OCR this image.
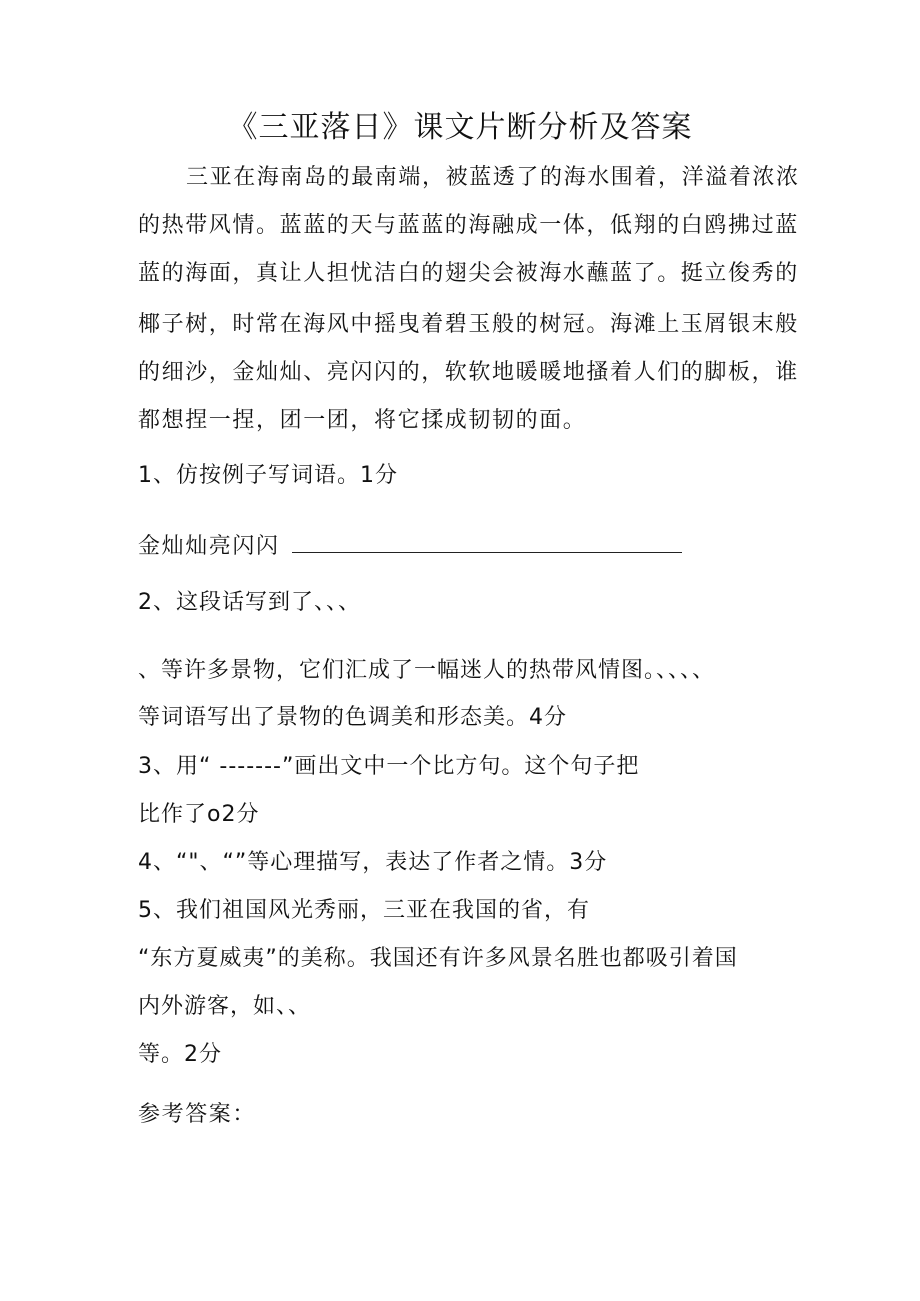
《三亚落日》课文片断分析及答案
三亚在海南岛的最南端，被蓝透了的海水围着，洋溢着浓浓
的热带风情。蓝蓝的天与蓝蓝的海融成一体，低翔的白鸥拂过蓝
蓝的海面，真让人担忧洁白的翅尖会被海水蘸蓝了。挺立俊秀的
椰子树，时常在海风中摇曳着碧玉般的树冠。海滩上玉屑银末般
的细沙，金灿灿、亮闪闪的，软软地暖暖地搔着人们的脚板，谁
都想捏一捏，团一团，将它揉成韧韧的面。
1、仿按例子写词语。1分
金灿灿亮闪闪
2、这段话写到了、、、
、等许多景物，它们汇成了一幅迷人的热带风情图。、、、、
等词语写出了景物的色调美和形态美。4分
3、用“ -------”画出文中一个比方句。这个句子把
比作了o2分
4、“"、“”等心理描写，表达了作者之情。3分
5、我们祖国风光秀丽，三亚在我国的省，有
“东方夏威夷”的美称。我国还有许多风景名胜也都吸引着国
内外游客，如、、
等。2分
参考答案：
